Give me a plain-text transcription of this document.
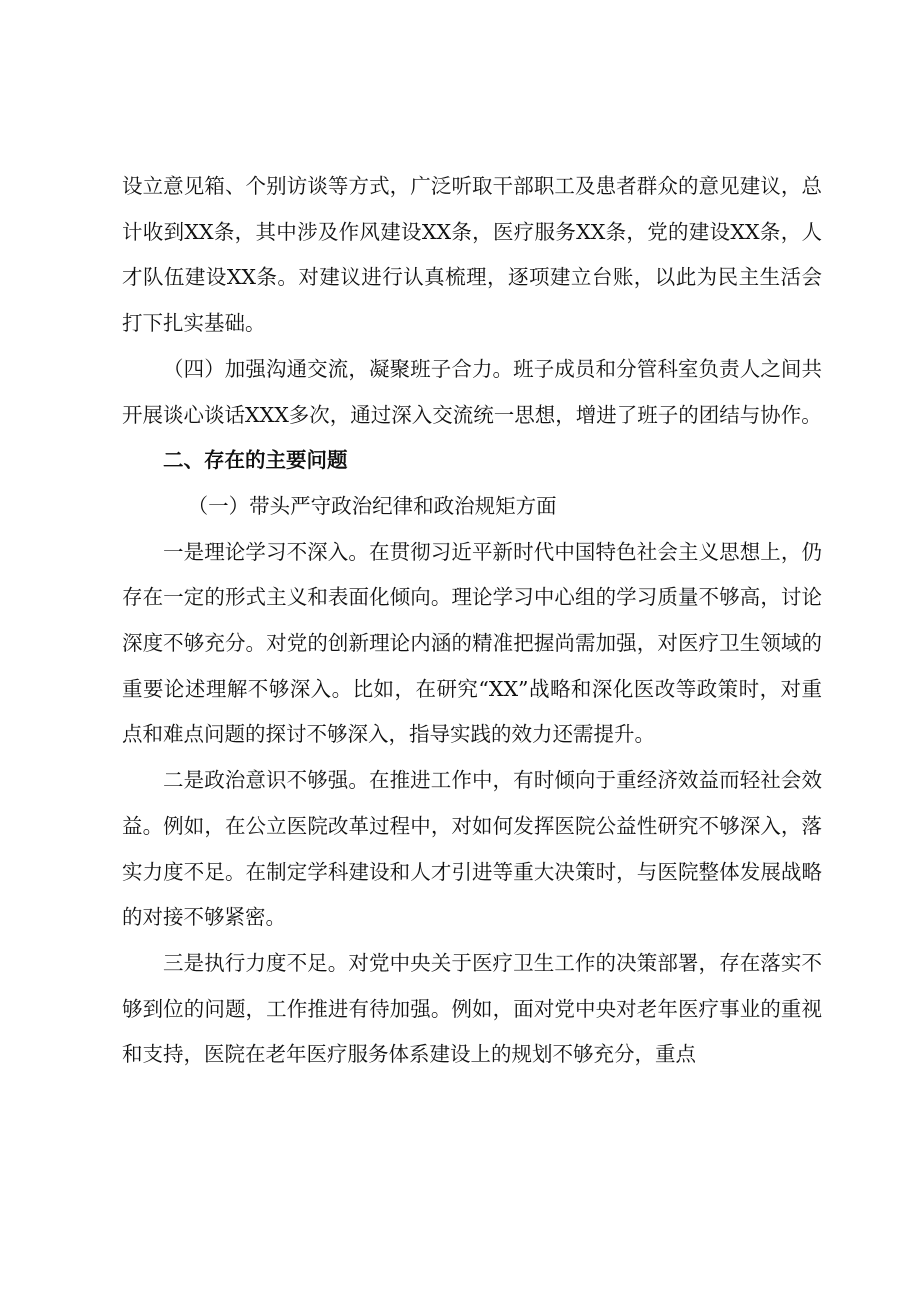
设立意见箱、个别访谈等方式，广泛听取干部职工及患者群众的意见建议，总计收到XX条，其中涉及作风建设XX条，医疗服务XX条，党的建设XX条，人才队伍建设XX条。对建议进行认真梳理，逐项建立台账，以此为民主生活会打下扎实基础。

（四）加强沟通交流，凝聚班子合力。班子成员和分管科室负责人之间共开展谈心谈话XXX多次，通过深入交流统一思想，增进了班子的团结与协作。

二、存在的主要问题

（一）带头严守政治纪律和政治规矩方面

一是理论学习不深入。在贯彻习近平新时代中国特色社会主义思想上，仍存在一定的形式主义和表面化倾向。理论学习中心组的学习质量不够高，讨论深度不够充分。对党的创新理论内涵的精准把握尚需加强，对医疗卫生领域的重要论述理解不够深入。比如，在研究“XX”战略和深化医改等政策时，对重点和难点问题的探讨不够深入，指导实践的效力还需提升。

二是政治意识不够强。在推进工作中，有时倾向于重经济效益而轻社会效益。例如，在公立医院改革过程中，对如何发挥医院公益性研究不够深入，落实力度不足。在制定学科建设和人才引进等重大决策时，与医院整体发展战略的对接不够紧密。

三是执行力度不足。对党中央关于医疗卫生工作的决策部署，存在落实不够到位的问题，工作推进有待加强。例如，面对党中央对老年医疗事业的重视和支持，医院在老年医疗服务体系建设上的规划不够充分，重点
